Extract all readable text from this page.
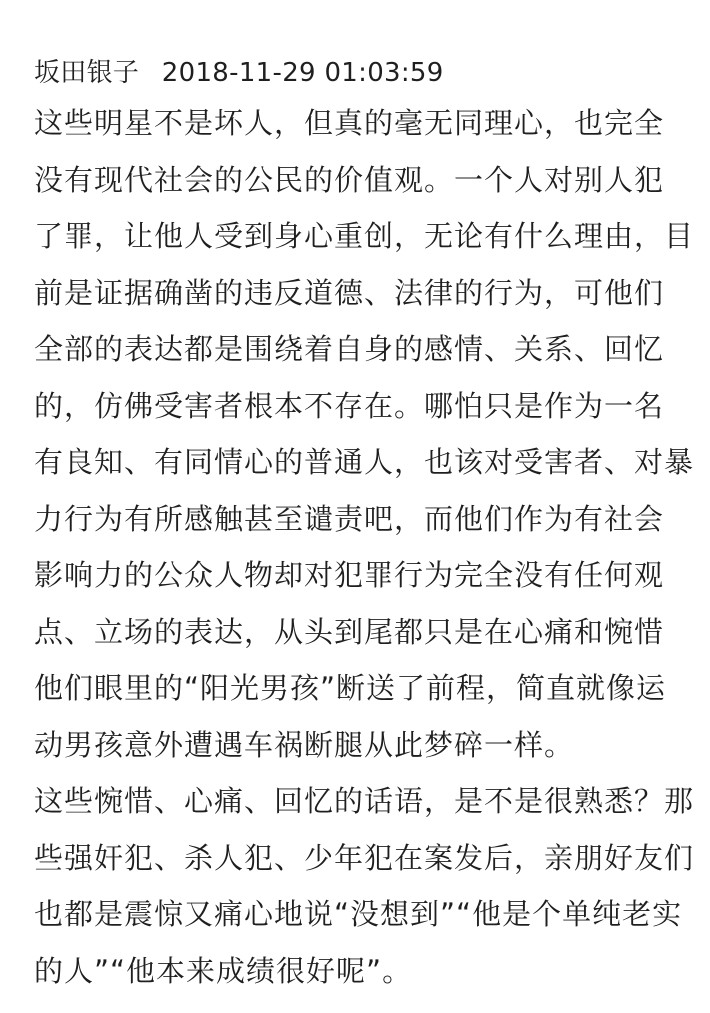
坂田银子 2018-11-29 01:03:59

这些明星不是坏人，但真的毫无同理心，也完全
没有现代社会的公民的价值观。一个人对别人犯
了罪，让他人受到身心重创，无论有什么理由，目
前是证据确凿的违反道德、法律的行为，可他们
全部的表达都是围绕着自身的感情、关系、回忆
的，仿佛受害者根本不存在。哪怕只是作为一名
有良知、有同情心的普通人，也该对受害者、对暴
力行为有所感触甚至谴责吧，而他们作为有社会
影响力的公众人物却对犯罪行为完全没有任何观
点、立场的表达，从头到尾都只是在心痛和惋惜
他们眼里的“阳光男孩”断送了前程，简直就像运
动男孩意外遭遇车祸断腿从此梦碎一样。

这些惋惜、心痛、回忆的话语，是不是很熟悉？那
些强奸犯、杀人犯、少年犯在案发后，亲朋好友们
也都是震惊又痛心地说“没想到”“他是个单纯老实
的人”“他本来成绩很好呢”。
